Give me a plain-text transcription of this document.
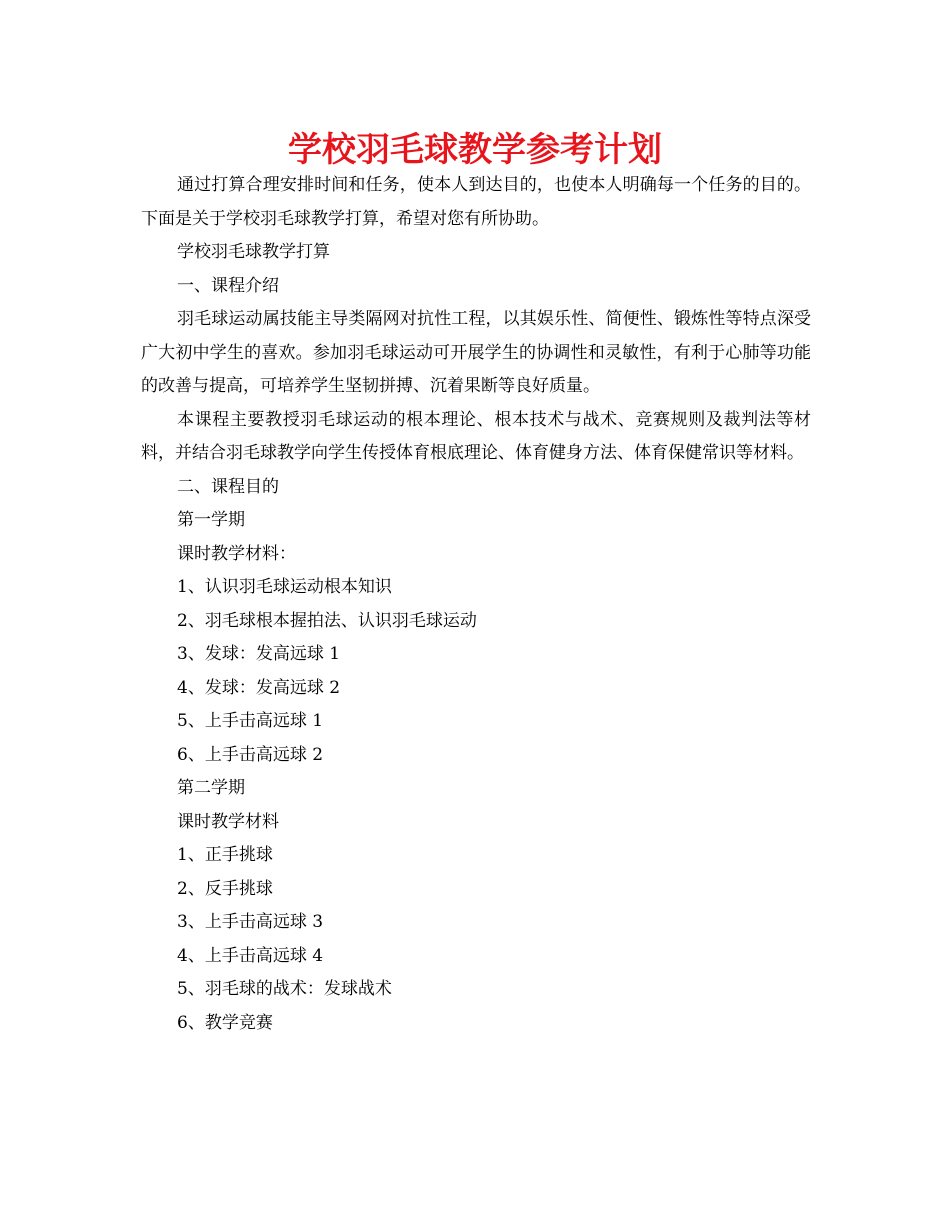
学校羽毛球教学参考计划

通过打算合理安排时间和任务，使本人到达目的，也使本人明确每一个任务的目的。下面是关于学校羽毛球教学打算，希望对您有所协助。

学校羽毛球教学打算

一、课程介绍

羽毛球运动属技能主导类隔网对抗性工程，以其娱乐性、简便性、锻炼性等特点深受广大初中学生的喜欢。参加羽毛球运动可开展学生的协调性和灵敏性，有利于心肺等功能的改善与提高，可培养学生坚韧拼搏、沉着果断等良好质量。

本课程主要教授羽毛球运动的根本理论、根本技术与战术、竞赛规则及裁判法等材料，并结合羽毛球教学向学生传授体育根底理论、体育健身方法、体育保健常识等材料。

二、课程目的

第一学期

课时教学材料：

1、认识羽毛球运动根本知识

2、羽毛球根本握拍法、认识羽毛球运动

3、发球：发高远球 1

4、发球：发高远球 2

5、上手击高远球 1

6、上手击高远球 2

第二学期

课时教学材料

1、正手挑球

2、反手挑球

3、上手击高远球 3

4、上手击高远球 4

5、羽毛球的战术：发球战术

6、教学竞赛
